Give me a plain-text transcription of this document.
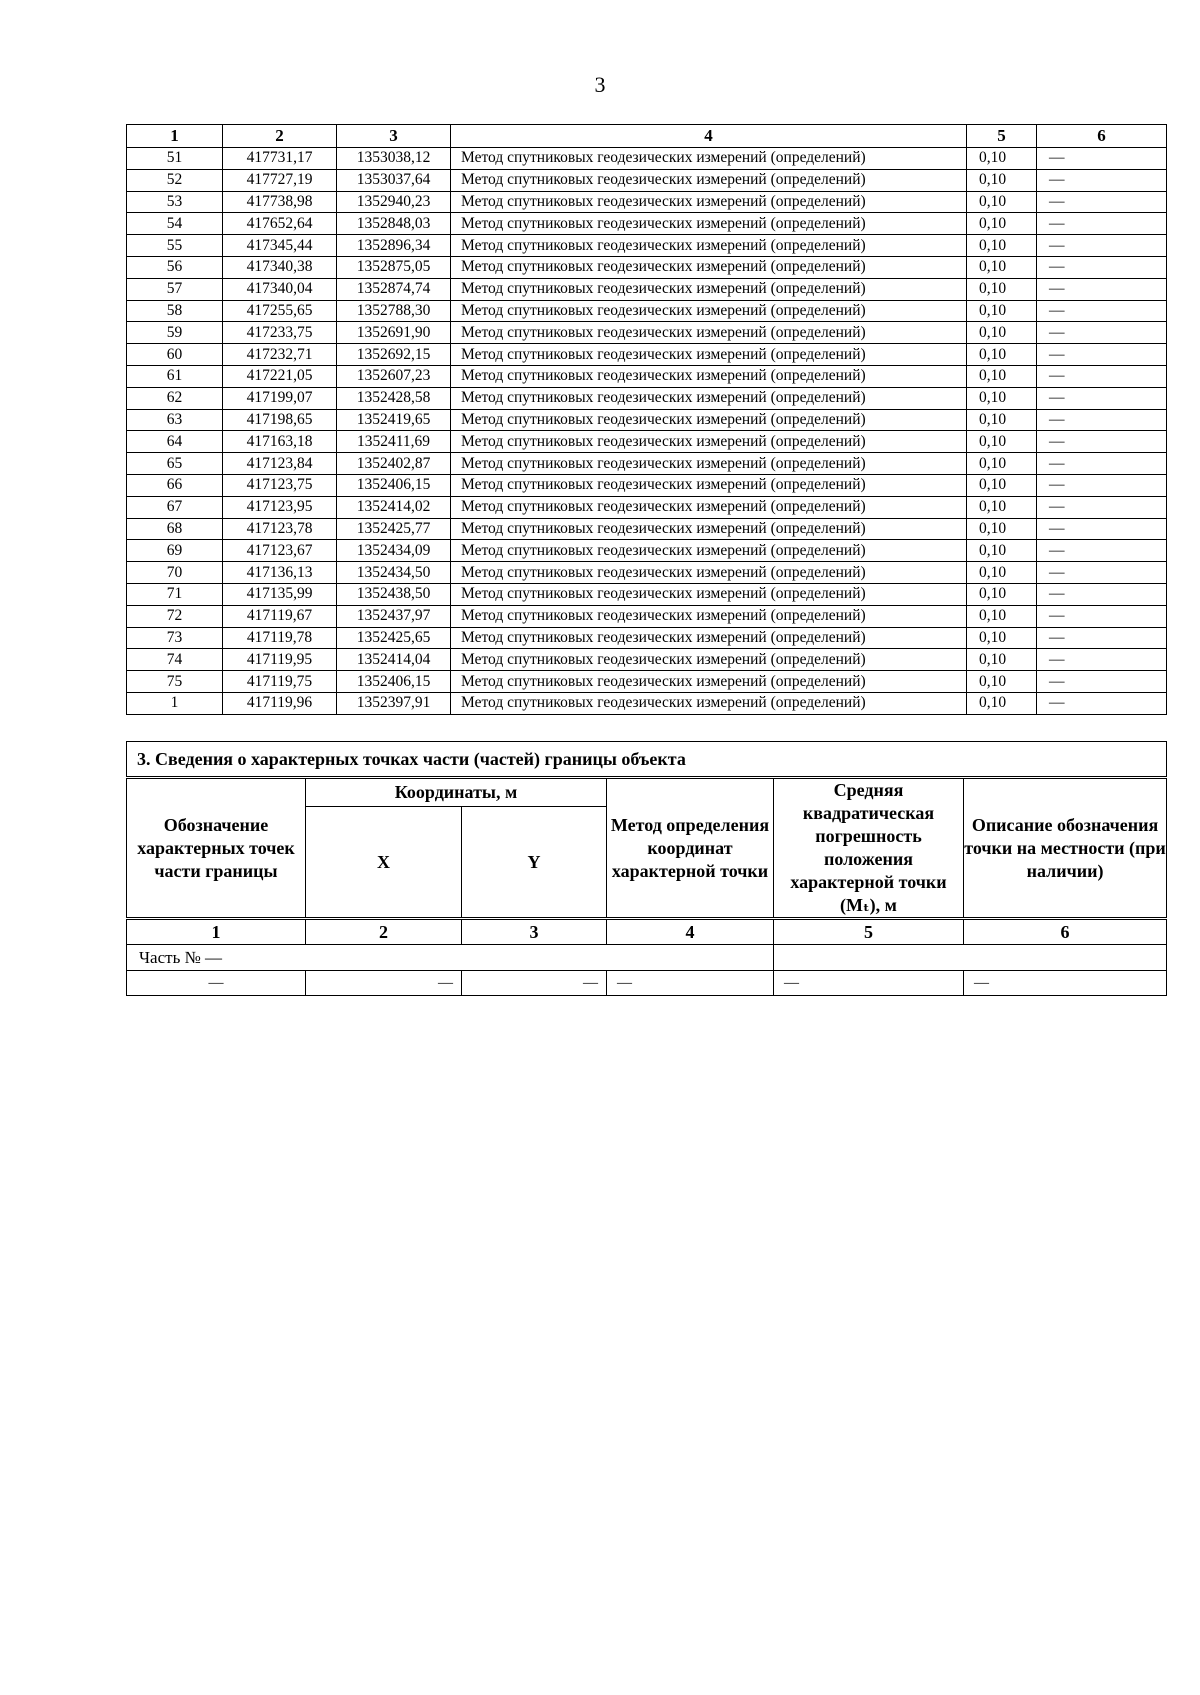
3
1	2	3	4	5	6
51	417731,17	1353038,12	Метод спутниковых геодезических измерений (определений)	0,10	—
52	417727,19	1353037,64	Метод спутниковых геодезических измерений (определений)	0,10	—
53	417738,98	1352940,23	Метод спутниковых геодезических измерений (определений)	0,10	—
54	417652,64	1352848,03	Метод спутниковых геодезических измерений (определений)	0,10	—
55	417345,44	1352896,34	Метод спутниковых геодезических измерений (определений)	0,10	—
56	417340,38	1352875,05	Метод спутниковых геодезических измерений (определений)	0,10	—
57	417340,04	1352874,74	Метод спутниковых геодезических измерений (определений)	0,10	—
58	417255,65	1352788,30	Метод спутниковых геодезических измерений (определений)	0,10	—
59	417233,75	1352691,90	Метод спутниковых геодезических измерений (определений)	0,10	—
60	417232,71	1352692,15	Метод спутниковых геодезических измерений (определений)	0,10	—
61	417221,05	1352607,23	Метод спутниковых геодезических измерений (определений)	0,10	—
62	417199,07	1352428,58	Метод спутниковых геодезических измерений (определений)	0,10	—
63	417198,65	1352419,65	Метод спутниковых геодезических измерений (определений)	0,10	—
64	417163,18	1352411,69	Метод спутниковых геодезических измерений (определений)	0,10	—
65	417123,84	1352402,87	Метод спутниковых геодезических измерений (определений)	0,10	—
66	417123,75	1352406,15	Метод спутниковых геодезических измерений (определений)	0,10	—
67	417123,95	1352414,02	Метод спутниковых геодезических измерений (определений)	0,10	—
68	417123,78	1352425,77	Метод спутниковых геодезических измерений (определений)	0,10	—
69	417123,67	1352434,09	Метод спутниковых геодезических измерений (определений)	0,10	—
70	417136,13	1352434,50	Метод спутниковых геодезических измерений (определений)	0,10	—
71	417135,99	1352438,50	Метод спутниковых геодезических измерений (определений)	0,10	—
72	417119,67	1352437,97	Метод спутниковых геодезических измерений (определений)	0,10	—
73	417119,78	1352425,65	Метод спутниковых геодезических измерений (определений)	0,10	—
74	417119,95	1352414,04	Метод спутниковых геодезических измерений (определений)	0,10	—
75	417119,75	1352406,15	Метод спутниковых геодезических измерений (определений)	0,10	—
1	417119,96	1352397,91	Метод спутниковых геодезических измерений (определений)	0,10	—
3. Сведения о характерных точках части (частей) границы объекта					
Обозначение характерных точек части границы	Координаты, м		Метод определения координат характерной точки	Средняя квадратическая погрешность положения характерной точки (Mₜ), м	Описание обозначения точки на местности (при наличии)
	X	Y			
1	2	3	4	5	6
Часть № —					
—	—	—	—	—	—
